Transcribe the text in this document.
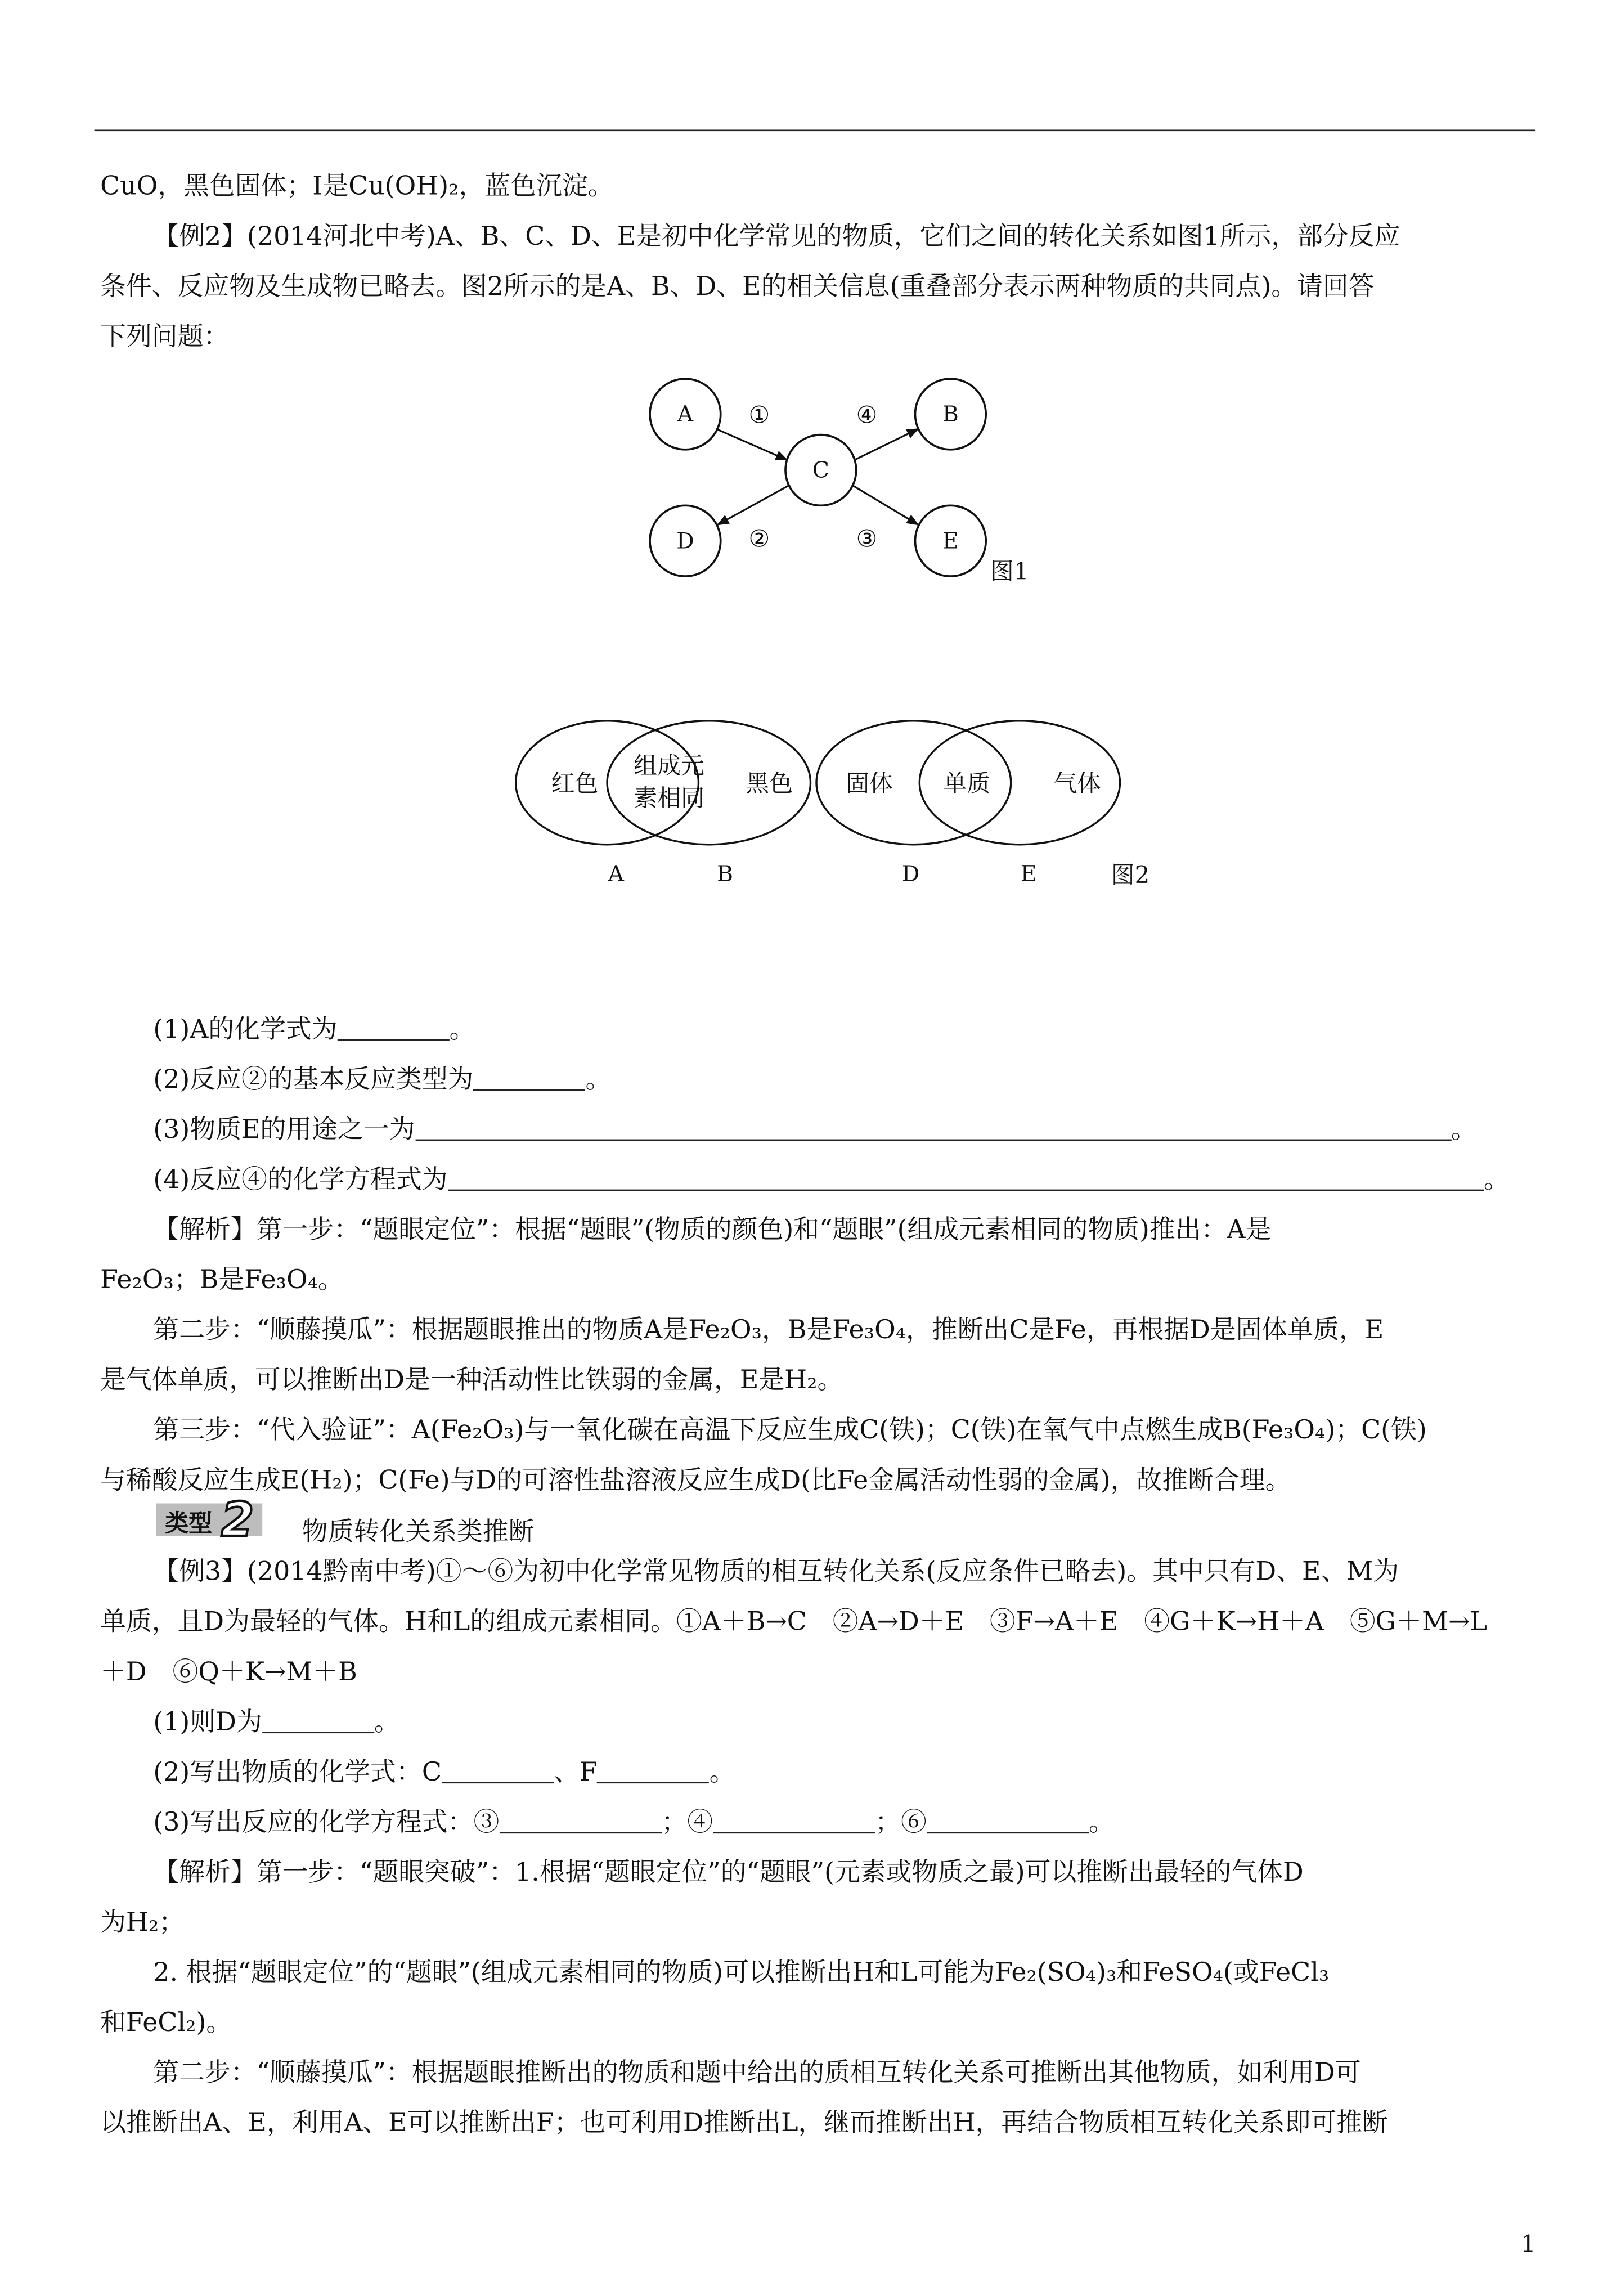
CuO，黑色固体；I是Cu(OH)₂，蓝色沉淀。
【例2】(2014河北中考)A、B、C、D、E是初中化学常见的物质，它们之间的转化关系如图1所示，部分反应
条件、反应物及生成物已略去。图2所示的是A、B、D、E的相关信息(重叠部分表示两种物质的共同点)。请回答
下列问题：
A	B
C
D	E
①	④
②	③
图1
红色
组成元
素相同
黑色	固体	单质	气体
A	B	D	E	图2
(1)A的化学式为	。
(2)反应②的基本反应类型为	。
(3)物质E的用途之一为	。
(4)反应④的化学方程式为	。
【解析】第一步：“题眼定位”：根据“题眼”(物质的颜色)和“题眼”(组成元素相同的物质)推出：A是
Fe₂O₃；B是Fe₃O₄。
第二步：“顺藤摸瓜”：根据题眼推出的物质A是Fe₂O₃，B是Fe₃O₄，推断出C是Fe，再根据D是固体单质，E
是气体单质，可以推断出D是一种活动性比铁弱的金属，E是H₂。
第三步：“代入验证”：A(Fe₂O₃)与一氧化碳在高温下反应生成C(铁)；C(铁)在氧气中点燃生成B(Fe₃O₄)；C(铁)
与稀酸反应生成E(H₂)；C(Fe)与D的可溶性盐溶液反应生成D(比Fe金属活动性弱的金属)，故推断合理。
类型 2	物质转化关系类推断
【例3】(2014黔南中考)①～⑥为初中化学常见物质的相互转化关系(反应条件已略去)。其中只有D、E、M为
单质，且D为最轻的气体。H和L的组成元素相同。①A＋B→C　②A→D＋E　③F→A＋E　④G＋K→H＋A　⑤G＋M→L
＋D　⑥Q＋K→M＋B
(1)则D为	。
(2)写出物质的化学式：C	、F	。
(3)写出反应的化学方程式：③	；④	；⑥	。
【解析】第一步：“题眼突破”：1.根据“题眼定位”的“题眼”(元素或物质之最)可以推断出最轻的气体D
为H₂；
2. 根据“题眼定位”的“题眼”(组成元素相同的物质)可以推断出H和L可能为Fe₂(SO₄)₃和FeSO₄(或FeCl₃
和FeCl₂)。
第二步：“顺藤摸瓜”：根据题眼推断出的物质和题中给出的质相互转化关系可推断出其他物质，如利用D可
以推断出A、E，利用A、E可以推断出F；也可利用D推断出L，继而推断出H，再结合物质相互转化关系即可推断
1
